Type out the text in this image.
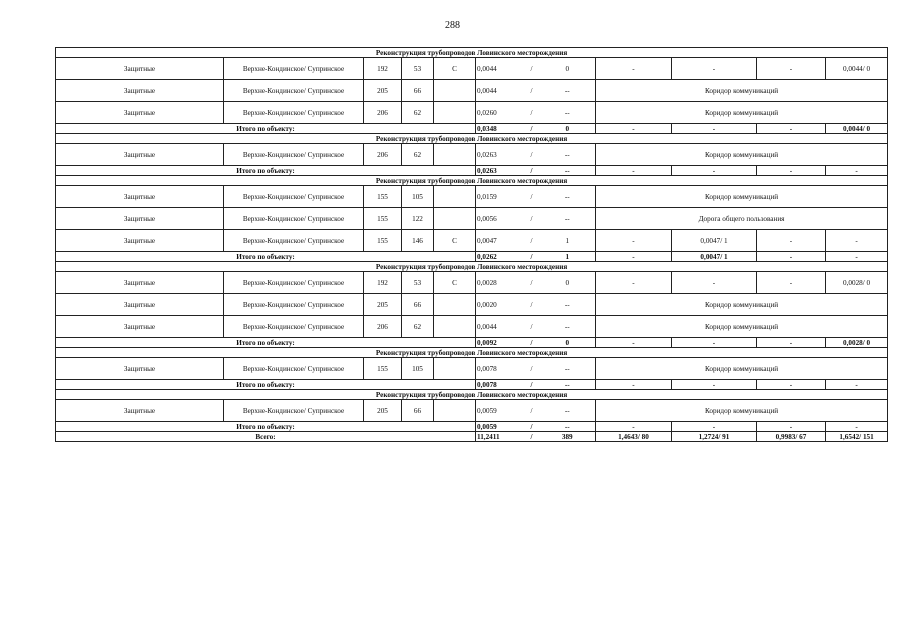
288
Реконструкция трубопроводов Ловинского месторождения											
Защитные	Верхне-Кондинское/ Супринское	192	53	С	0,0044	/	0	-	-	-	0,0044/ 0
Защитные	Верхне-Кондинское/ Супринское	205	66		0,0044	/	--	Коридор коммуникаций			
Защитные	Верхне-Кондинское/ Супринское	206	62		0,0260	/	--	Коридор коммуникаций			
Итого по объекту:					0,0348	/	0	-	-	-	0,0044/ 0
Реконструкция трубопроводов Ловинского месторождения											
Защитные	Верхне-Кондинское/ Супринское	206	62		0,0263	/	--	Коридор коммуникаций			
Итого по объекту:					0,0263	/	--	-	-	-	-
Реконструкция трубопроводов Ловинского месторождения											
Защитные	Верхне-Кондинское/ Супринское	155	105		0,0159	/	--	Коридор коммуникаций			
Защитные	Верхне-Кондинское/ Супринское	155	122		0,0056	/	--	Дорога общего пользования			
Защитные	Верхне-Кондинское/ Супринское	155	146	С	0,0047	/	1	-	0,0047/ 1	-	-
Итого по объекту:					0,0262	/	1	-	0,0047/ 1	-	-
Реконструкция трубопроводов Ловинского месторождения											
Защитные	Верхне-Кондинское/ Супринское	192	53	С	0,0028	/	0	-	-	-	0,0028/ 0
Защитные	Верхне-Кондинское/ Супринское	205	66		0,0020	/	--	Коридор коммуникаций			
Защитные	Верхне-Кондинское/ Супринское	206	62		0,0044	/	--	Коридор коммуникаций			
Итого по объекту:					0,0092	/	0	-	-	-	0,0028/ 0
Реконструкция трубопроводов Ловинского месторождения											
Защитные	Верхне-Кондинское/ Супринское	155	105		0,0078	/	--	Коридор коммуникаций			
Итого по объекту:					0,0078	/	--	-	-	-	-
Реконструкция трубопроводов Ловинского месторождения											
Защитные	Верхне-Кондинское/ Супринское	205	66		0,0059	/	--	Коридор коммуникаций			
Итого по объекту:					0,0059	/	--	-	-	-	-
Всего:					11,2411	/	389	1,4643/ 80	1,2724/ 91	0,9983/ 67	1,6542/ 151
